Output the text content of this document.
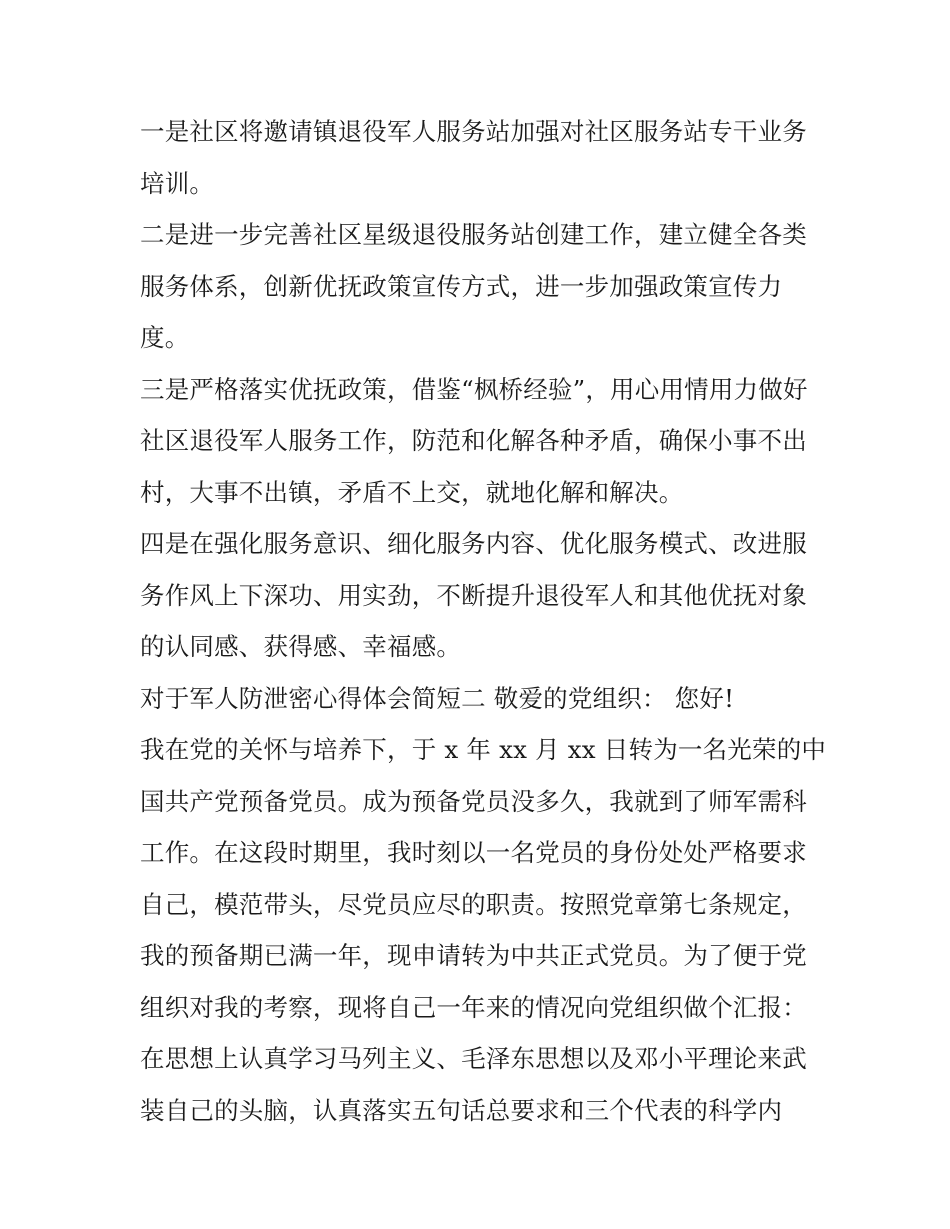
一是社区将邀请镇退役军人服务站加强对社区服务站专干业务
培训。
二是进一步完善社区星级退役服务站创建工作，建立健全各类
服务体系，创新优抚政策宣传方式，进一步加强政策宣传力
度。
三是严格落实优抚政策，借鉴“枫桥经验”，用心用情用力做好
社区退役军人服务工作，防范和化解各种矛盾，确保小事不出
村，大事不出镇，矛盾不上交，就地化解和解决。
四是在强化服务意识、细化服务内容、优化服务模式、改进服
务作风上下深功、用实劲，不断提升退役军人和其他优抚对象
的认同感、获得感、幸福感。
对于军人防泄密心得体会简短二 敬爱的党组织： 您好!
我在党的关怀与培养下，于 x 年 xx 月 xx 日转为一名光荣的中
国共产党预备党员。成为预备党员没多久，我就到了师军需科
工作。在这段时期里，我时刻以一名党员的身份处处严格要求
自己，模范带头，尽党员应尽的职责。按照党章第七条规定，
我的预备期已满一年，现申请转为中共正式党员。为了便于党
组织对我的考察，现将自己一年来的情况向党组织做个汇报：
在思想上认真学习马列主义、毛泽东思想以及邓小平理论来武
装自己的头脑，认真落实五句话总要求和三个代表的科学内
